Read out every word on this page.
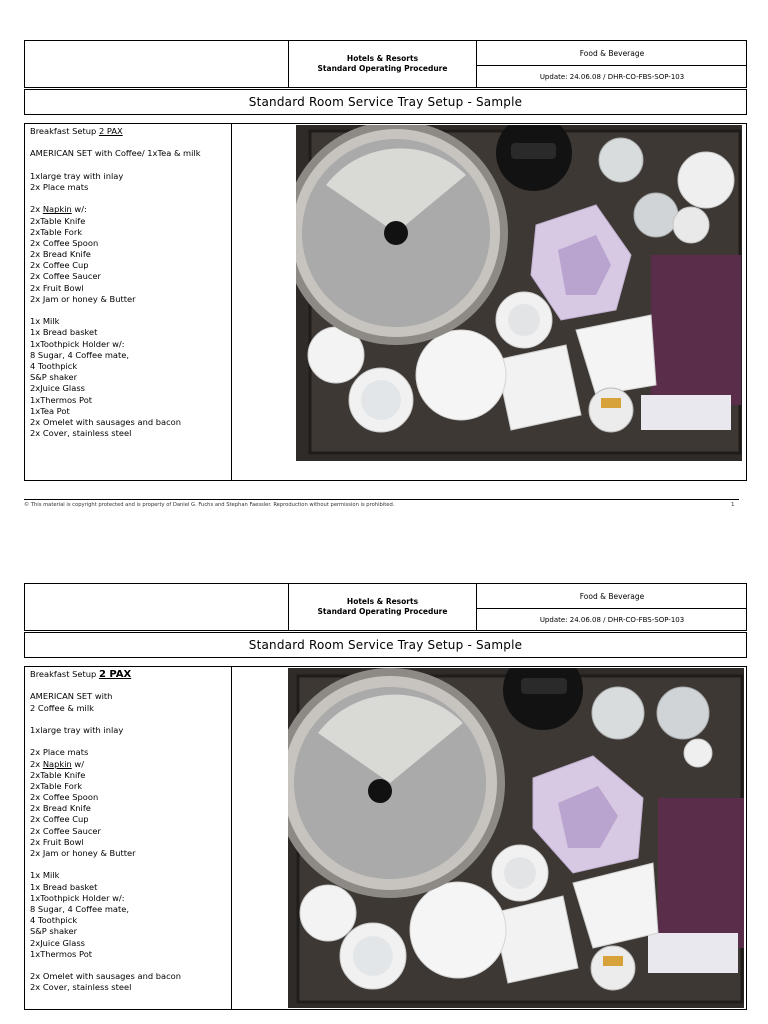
Hotels & Resorts
Standard Operating Procedure
Food & Beverage
Update: 24.06.08 / DHR-CO-FBS-SOP-103
Standard Room Service Tray Setup - Sample
Breakfast Setup 2 PAX
AMERICAN SET with Coffee/ 1xTea & milk
1xlarge tray with inlay
2x Place mats
2x Napkin w/:
2xTable Knife
2xTable Fork
2x Coffee Spoon
2x Bread Knife
2x Coffee Cup
2x Coffee Saucer
2x Fruit Bowl
2x Jam or honey & Butter
1x Milk
1x Bread basket
1xToothpick Holder w/:
8 Sugar, 4 Coffee mate,
4 Toothpick
S&P shaker
2xJuice Glass
1xThermos Pot
1xTea Pot
2x Omelet with sausages and bacon
2x Cover, stainless steel
© This material is copyright protected and is property of Daniel G. Fuchs and Stephan Faessler. Reproduction without permission is prohibited.	1
Hotels & Resorts
Standard Operating Procedure
Food & Beverage
Update: 24.06.08 / DHR-CO-FBS-SOP-103
Standard Room Service Tray Setup - Sample
Breakfast Setup 2 PAX
AMERICAN SET with
2 Coffee & milk
1xlarge tray with inlay
2x Place mats
2x Napkin w/
2xTable Knife
2xTable Fork
2x Coffee Spoon
2x Bread Knife
2x Coffee Cup
2x Coffee Saucer
2x Fruit Bowl
2x Jam or honey & Butter
1x Milk
1x Bread basket
1xToothpick Holder w/:
8 Sugar, 4 Coffee mate,
4 Toothpick
S&P shaker
2xJuice Glass
1xThermos Pot
2x Omelet with sausages and bacon
2x Cover, stainless steel
